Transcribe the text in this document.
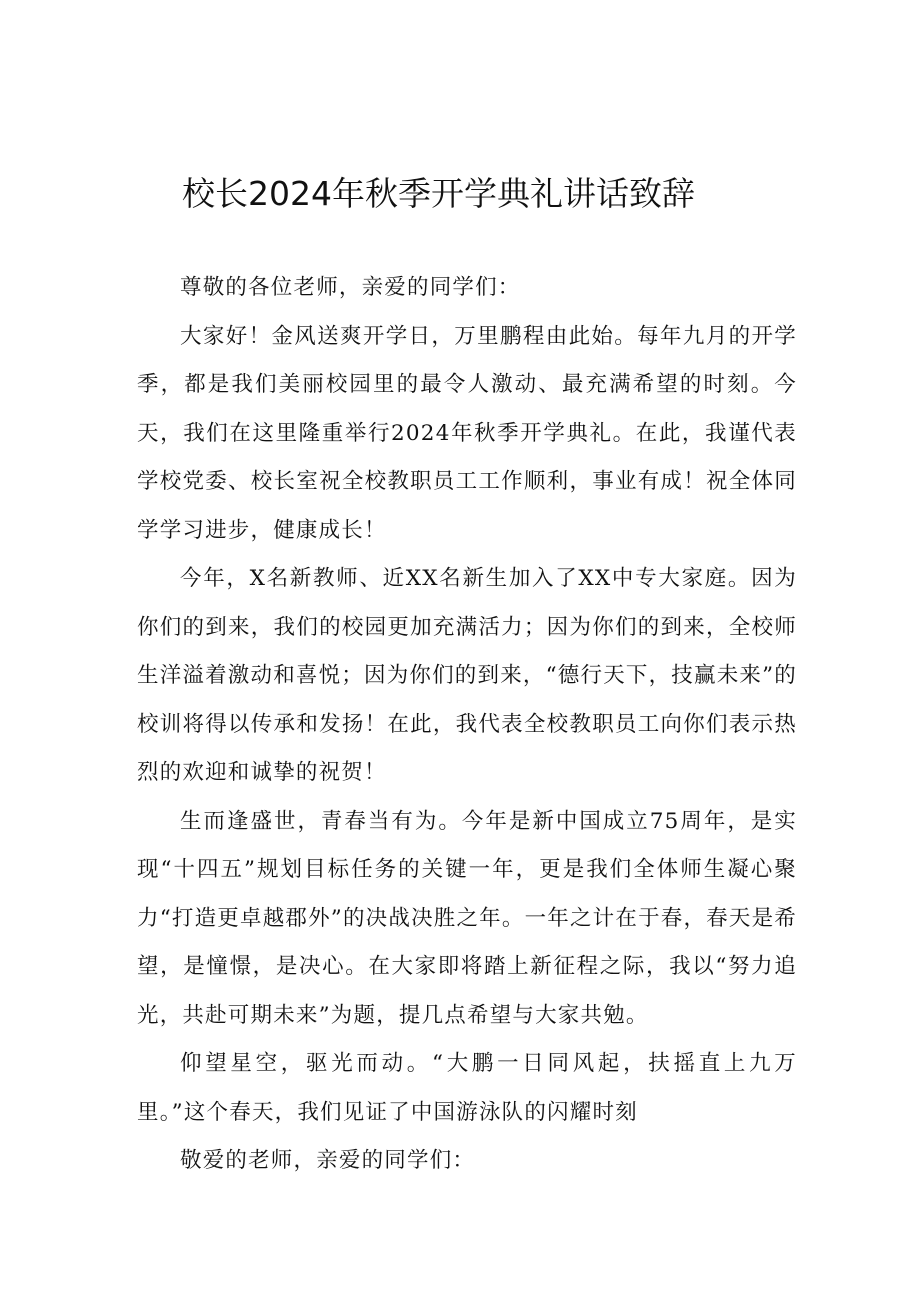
校长2024年秋季开学典礼讲话致辞

尊敬的各位老师，亲爱的同学们：

大家好！金风送爽开学日，万里鹏程由此始。每年九月的开学季，都是我们美丽校园里的最令人激动、最充满希望的时刻。今天，我们在这里隆重举行2024年秋季开学典礼。在此，我谨代表学校党委、校长室祝全校教职员工工作顺利，事业有成！祝全体同学学习进步，健康成长！

今年，X名新教师、近XX名新生加入了XX中专大家庭。因为你们的到来，我们的校园更加充满活力；因为你们的到来，全校师生洋溢着激动和喜悦；因为你们的到来，“德行天下，技赢未来”的校训将得以传承和发扬！在此，我代表全校教职员工向你们表示热烈的欢迎和诚挚的祝贺！

生而逢盛世，青春当有为。今年是新中国成立75周年，是实现“十四五”规划目标任务的关键一年，更是我们全体师生凝心聚力“打造更卓越郡外”的决战决胜之年。一年之计在于春，春天是希望，是憧憬，是决心。在大家即将踏上新征程之际，我以“努力追光，共赴可期未来”为题，提几点希望与大家共勉。

仰望星空，驱光而动。“大鹏一日同风起，扶摇直上九万里。”这个春天，我们见证了中国游泳队的闪耀时刻

敬爱的老师，亲爱的同学们：
